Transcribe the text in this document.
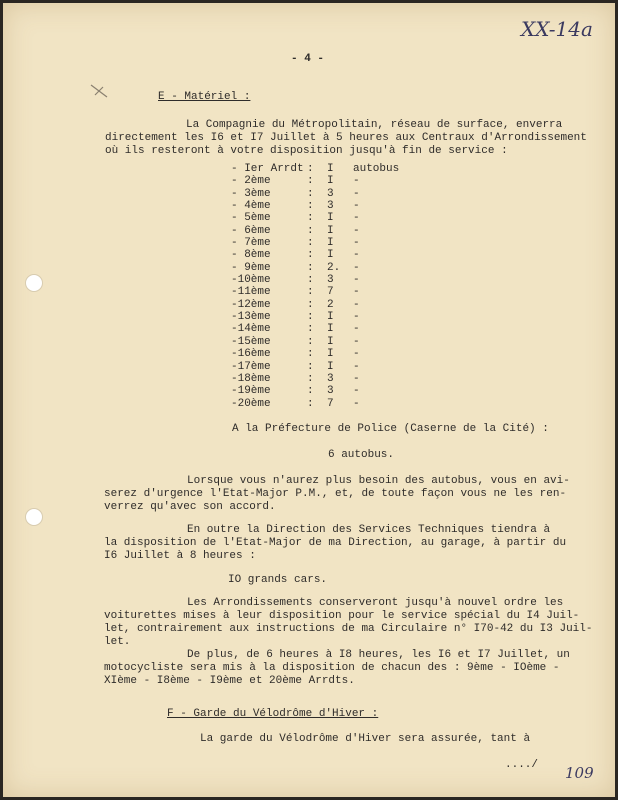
XX-14a
109
- 4 -
E - Matériel :
La Compagnie du Métropolitain, réseau de surface, enverra
directement les I6 et I7 Juillet à 5 heures aux Centraux d'Arrondissement
où ils resteront à votre disposition jusqu'à fin de service :
- Ier Arrdt : I autobus
- 2ème	: I -
- 3ème	: 3 -
- 4ème	: 3 -
- 5ème	: I -
- 6ème	: I -
- 7ème	: I -
- 8ème	: I -
- 9ème	: 2. -
-10ème	: 3 -
-11ème	: 7 -
-12ème	: 2 -
-13ème	: I -
-14ème	: I -
-15ème	: I -
-16ème	: I -
-17ème	: I -
-18ème	: 3 -
-19ème	: 3 -
-20ème	: 7 -
A la Préfecture de Police (Caserne de la Cité) :
6 autobus.
Lorsque vous n'aurez plus besoin des autobus, vous en avi-
serez d'urgence l'Etat-Major P.M., et, de toute façon vous ne les ren-
verrez qu'avec son accord.
En outre la Direction des Services Techniques tiendra à
la disposition de l'Etat-Major de ma Direction, au garage, à partir du
I6 Juillet à 8 heures :
IO grands cars.
Les Arrondissements conserveront jusqu'à nouvel ordre les
voiturettes mises à leur disposition pour le service spécial du I4 Juil-
let, contrairement aux instructions de ma Circulaire n° I70-42 du I3 Juil-
let.
De plus, de 6 heures à I8 heures, les I6 et I7 Juillet, un
motocycliste sera mis à la disposition de chacun des : 9ème - IOème -
XIème - I8ème - I9ème et 20ème Arrdts.
F - Garde du Vélodrôme d'Hiver :
La garde du Vélodrôme d'Hiver sera assurée, tant à
..../
